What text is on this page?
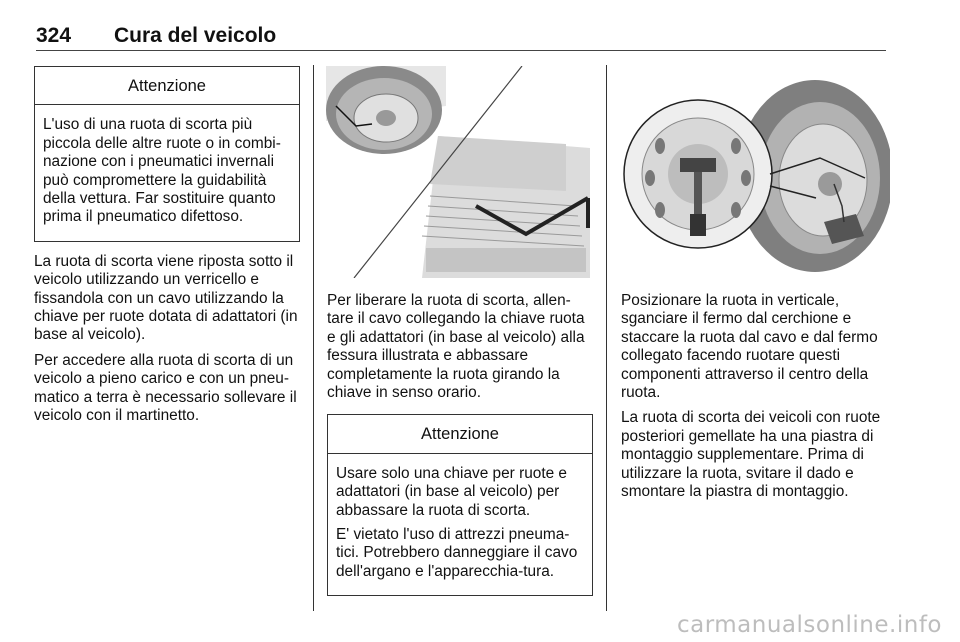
324 Cura del veicolo
Attenzione

L'uso di una ruota di scorta più piccola delle altre ruote o in combi-nazione con i pneumatici invernali può compromettere la guidabilità della vettura. Far sostituire quanto prima il pneumatico difettoso.

La ruota di scorta viene riposta sotto il veicolo utilizzando un verricello e fissandola con un cavo utilizzando la chiave per ruote dotata di adattatori (in base al veicolo).

Per accedere alla ruota di scorta di un veicolo a pieno carico e con un pneu-matico a terra è necessario sollevare il veicolo con il martinetto.

Per liberare la ruota di scorta, allen-tare il cavo collegando la chiave ruota e gli adattatori (in base al veicolo) alla fessura illustrata e abbassare completamente la ruota girando la chiave in senso orario.

Attenzione

Usare solo una chiave per ruote e adattatori (in base al veicolo) per abbassare la ruota di scorta.

E' vietato l'uso di attrezzi pneuma-tici. Potrebbero danneggiare il cavo dell'argano e l'apparecchia-tura.

Posizionare la ruota in verticale, sganciare il fermo dal cerchione e staccare la ruota dal cavo e dal fermo collegato facendo ruotare questi componenti attraverso il centro della ruota.

La ruota di scorta dei veicoli con ruote posteriori gemellate ha una piastra di montaggio supplementare. Prima di utilizzare la ruota, svitare il dado e smontare la piastra di montaggio.

carmanualsonline.info
